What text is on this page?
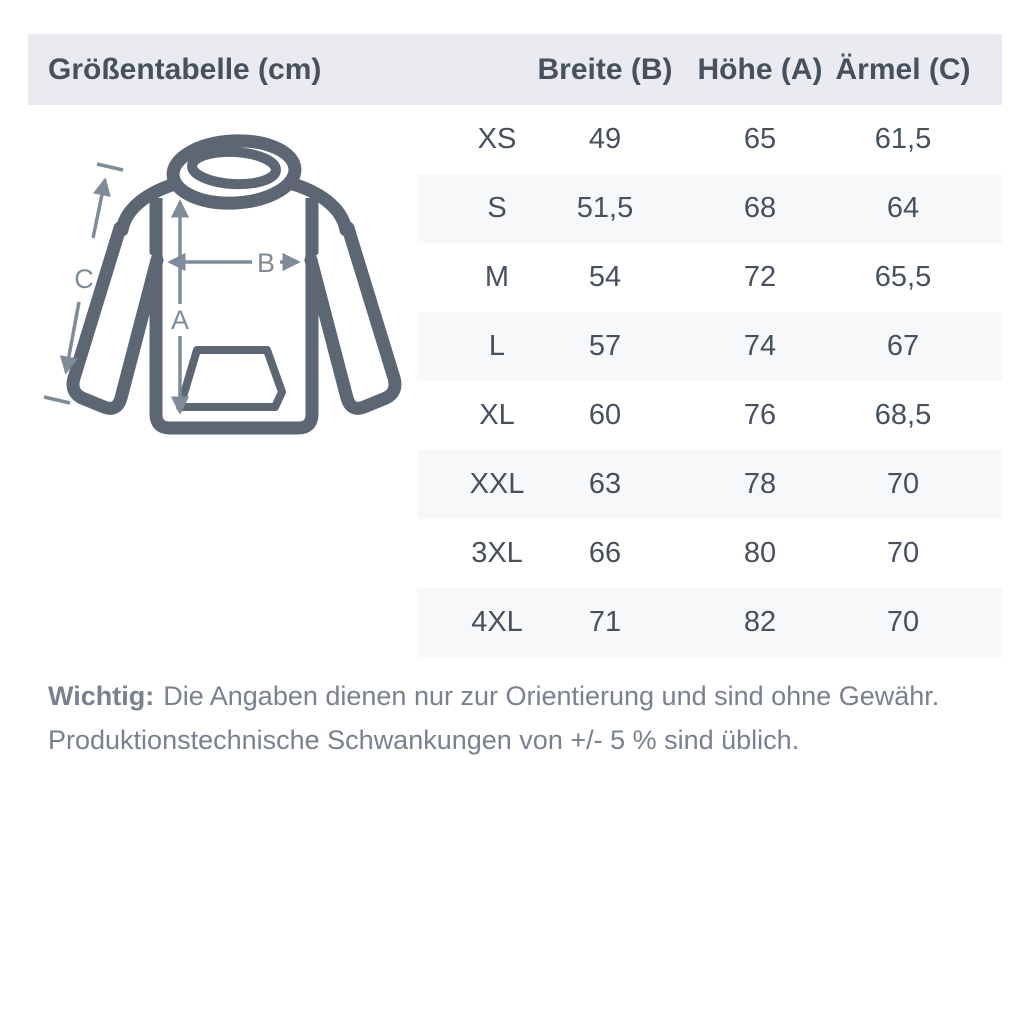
Größentabelle (cm)	Breite (B) Höhe (A) Ärmel (C)
A
B
C
XS	49	65	61,5
S 51,5	68	64
M	54	72	65,5
L	57	74	67
XL	60	76	68,5
XXL 63	78	70
3XL 66	80	70
4XL 71	82	70

Wichtig: Die Angaben dienen nur zur Orientierung und sind ohne Gewähr.

Produktionstechnische Schwankungen von +/- 5 % sind üblich.
